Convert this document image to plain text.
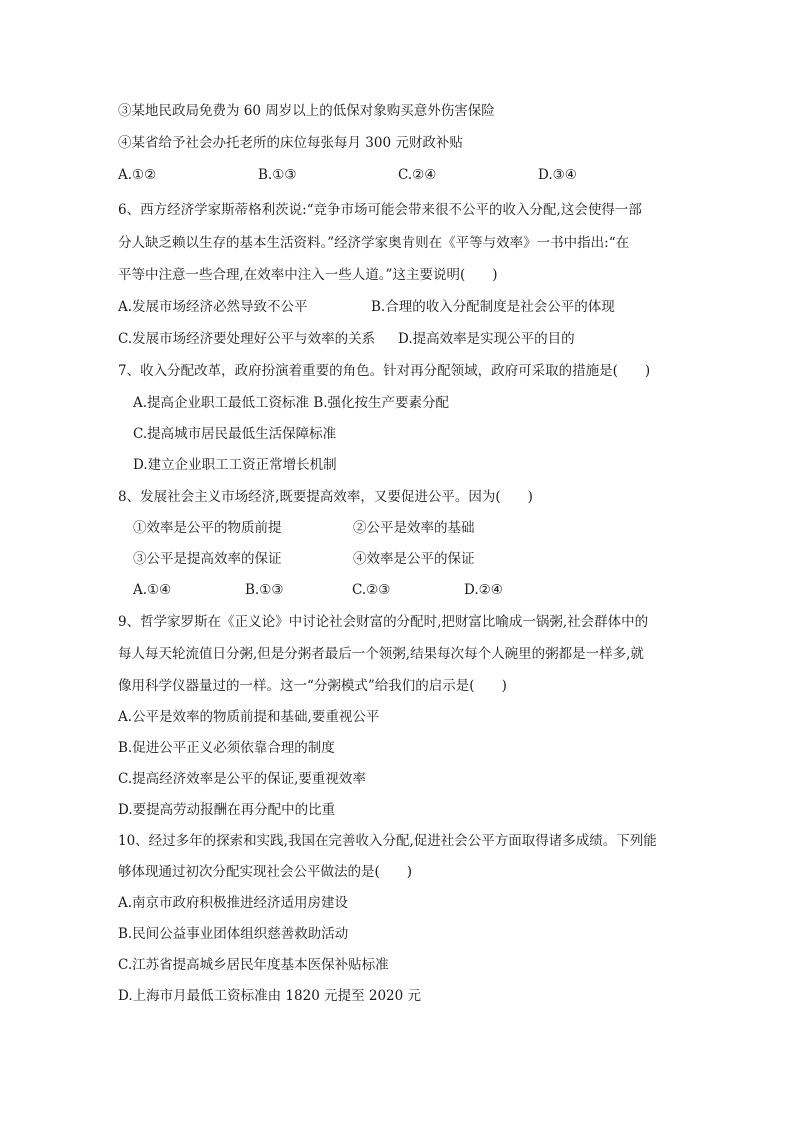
③某地民政局免费为 60 周岁以上的低保对象购买意外伤害保险
④某省给予社会办托老所的床位每张每月 300 元财政补贴
A.①②	B.①③	C.②④	D.③④
6、西方经济学家斯蒂格利茨说:“竞争市场可能会带来很不公平的收入分配,这会使得一部
分人缺乏赖以生存的基本生活资料。”经济学家奥肯则在《平等与效率》一书中指出:“在
平等中注意一些合理,在效率中注入一些人道。”这主要说明(　　)
A.发展市场经济必然导致不公平	B.合理的收入分配制度是社会公平的体现
C.发展市场经济要处理好公平与效率的关系 D.提高效率是实现公平的目的
7、收入分配改革，政府扮演着重要的角色。针对再分配领域，政府可采取的措施是(　　)
A.提高企业职工最低工资标准 B.强化按生产要素分配
C.提高城市居民最低生活保障标准
D.建立企业职工工资正常增长机制
8、发展社会主义市场经济,既要提高效率，又要促进公平。因为(　　)
①效率是公平的物质前提	②公平是效率的基础
③公平是提高效率的保证	④效率是公平的保证
A.①④	B.①③	C.②③	D.②④
9、哲学家罗斯在《正义论》中讨论社会财富的分配时,把财富比喻成一锅粥,社会群体中的
每人每天轮流值日分粥,但是分粥者最后一个领粥,结果每次每个人碗里的粥都是一样多,就
像用科学仪器量过的一样。这一“分粥模式”给我们的启示是(　　)
A.公平是效率的物质前提和基础,要重视公平
B.促进公平正义必须依靠合理的制度
C.提高经济效率是公平的保证,要重视效率
D.要提高劳动报酬在再分配中的比重
10、经过多年的探索和实践,我国在完善收入分配,促进社会公平方面取得诸多成绩。下列能
够体现通过初次分配实现社会公平做法的是(　　)
A.南京市政府积极推进经济适用房建设
B.民间公益事业团体组织慈善救助活动
C.江苏省提高城乡居民年度基本医保补贴标准
D.上海市月最低工资标准由 1820 元提至 2020 元
